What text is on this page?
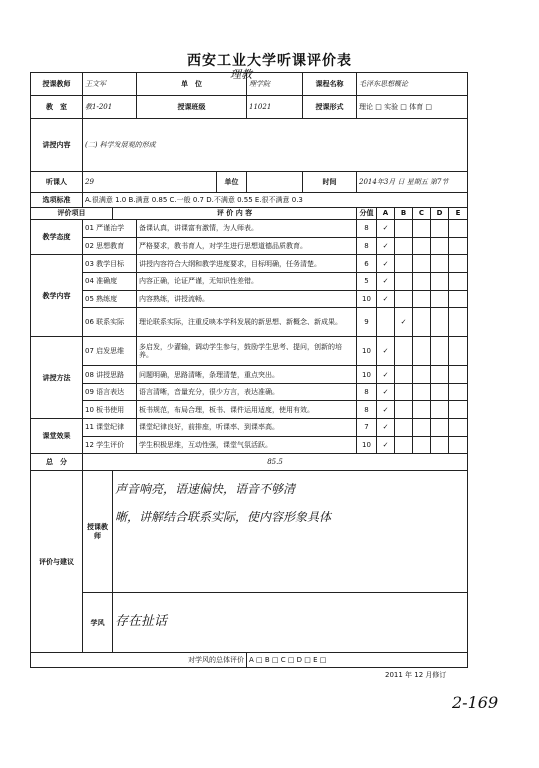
西安工业大学听课评价表
理教
授课教师	王文军		单　位		理学院	课程名称	毛泽东思想概论					
教　室	教1-201		授课班级		11021	授课形式	理论 □ 实验 □ 体育 □					
讲授内容	(二) 科学发展观的形成											
听课人	29			单位		时间	2014年3月 日 星期五 第7节					
选项标准	A.很满意 1.0 B.满意 0.85 C.一般 0.7 D.不满意 0.55 E.很不满意 0.3											
评价项目		评 价 内 容					分值	A	B	C	D	E
教学态度	01 严谨治学		备课认真，讲课富有激情，为人师表。				8	✓				
	02 思想教育		严格要求，教书育人，对学生进行思想道德品质教育。				8	✓				
教学内容	03 教学目标		讲授内容符合大纲和教学进度要求，目标明确，任务清楚。				6	✓				
	04 准确度		内容正确，论证严谨，无知识性差错。				5	✓				
	05 熟练度		内容熟练，讲授流畅。				10	✓				
	06 联系实际		理论联系实际，注重反映本学科发展的新思想、新概念、新成果。				9		✓			
讲授方法	07 启发思维		多启发，少灌输，调动学生参与，鼓励学生思考、提问，创新的培养。				10	✓				
	08 讲授思路		问题明确，思路清晰，条理清楚，重点突出。				10	✓				
	09 语言表达		语言清晰，音量充分，很少方言，表达准确。				8	✓				
	10 板书使用		板书规范，布局合理，板书、课件运用适度，使用有效。				8	✓				
课堂效果	11 课堂纪律		课堂纪律良好，前排座，听课率、到课率高。				7	✓				
	12 学生评价		学生积极思维，互动性强，课堂气氛活跃。				10	✓				
总　分	85.5											
评价与建议	授课教师	声音响亮，语速偏快，语音不够清
晰，讲解结合联系实际，使内容形象具体										

	学风	存在扯话										
对学风的总体评价					A □ B □ C □ D □ E □							
2011 年 12 月修订
2-169
